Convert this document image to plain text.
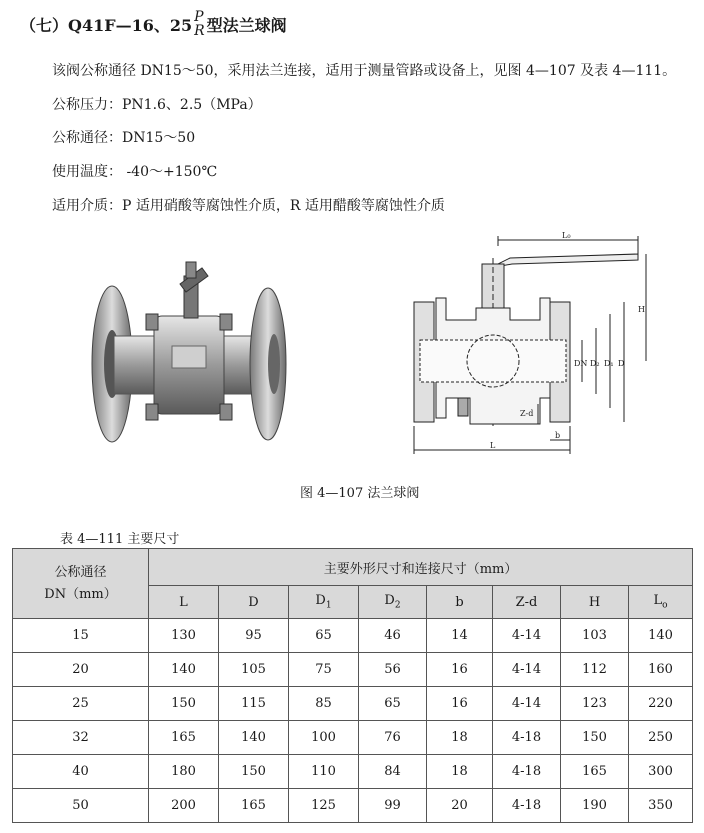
（七）Q41F—16、25 P
R 型法兰球阀
该阀公称通径 DN15～50，采用法兰连接，适用于测量管路或设备上，见图 4—107 及表 4—111。
公称压力：PN1.6、2.5（MPa）
公称通径：DN15～50
使用温度： -40～+150℃
适用介质：P 适用硝酸等腐蚀性介质，R 适用醋酸等腐蚀性介质
L₀
L
b
DN D₂ D₁ D
H
Z-d
图 4—107 法兰球阀
表 4—111 主要尺寸
公称通径
DN（mm）	主要外形尺寸和连接尺寸（mm）							
	L	D	$D_1$	$D_2$	b	Z-d	H	$L_o$
15	130	95	65	46	14	4-14	103	140
20	140	105	75	56	16	4-14	112	160
25	150	115	85	65	16	4-14	123	220
32	165	140	100	76	18	4-18	150	250
40	180	150	110	84	18	4-18	165	300
50	200	165	125	99	20	4-18	190	350
